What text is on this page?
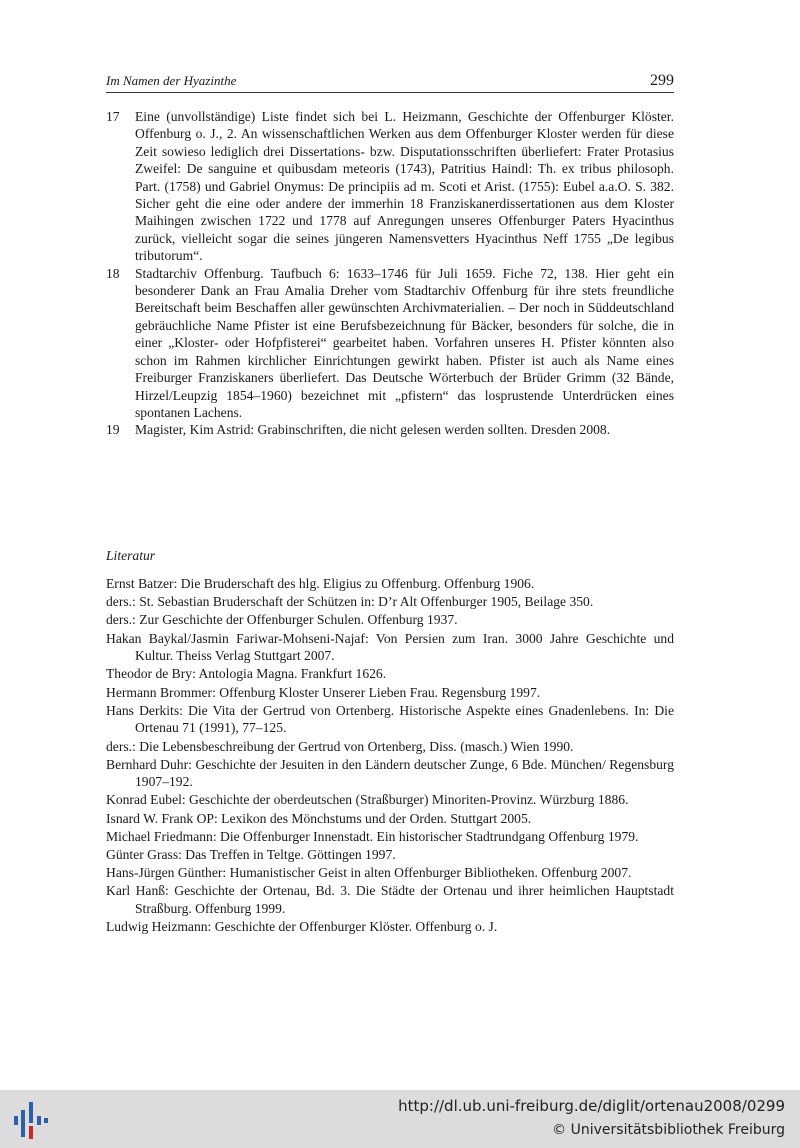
Im Namen der Hyazinthe	299
17 Eine (unvollständige) Liste findet sich bei L. Heizmann, Geschichte der Offenburger Klöster. Offenburg o. J., 2. An wissenschaftlichen Werken aus dem Offenburger Kloster werden für diese Zeit sowieso lediglich drei Dissertations- bzw. Disputationsschriften überliefert: Frater Protasius Zweifel: De sanguine et quibusdam meteoris (1743), Patritius Haindl: Th. ex tribus philosoph. Part. (1758) und Gabriel Onymus: De principiis ad m. Scoti et Arist. (1755): Eubel a.a.O. S. 382. Sicher geht die eine oder andere der immerhin 18 Franziskanerdissertationen aus dem Kloster Maihingen zwischen 1722 und 1778 auf Anregungen unseres Offenburger Paters Hyacinthus zurück, vielleicht sogar die seines jüngeren Namensvetters Hyacinthus Neff 1755 „De legibus tributorum“.
18 Stadtarchiv Offenburg. Taufbuch 6: 1633–1746 für Juli 1659. Fiche 72, 138. Hier geht ein besonderer Dank an Frau Amalia Dreher vom Stadtarchiv Offenburg für ihre stets freundliche Bereitschaft beim Beschaffen aller gewünschten Archivmaterialien. – Der noch in Süddeutschland gebräuchliche Name Pfister ist eine Berufsbezeichnung für Bäcker, besonders für solche, die in einer „Kloster- oder Hofpfisterei“ gearbeitet haben. Vorfahren unseres H. Pfister könnten also schon im Rahmen kirchlicher Einrichtungen gewirkt haben. Pfister ist auch als Name eines Freiburger Franziskaners überliefert. Das Deutsche Wörterbuch der Brüder Grimm (32 Bände, Hirzel/Leupzig 1854–1960) bezeichnet mit „pfistern“ das losprustende Unterdrücken eines spontanen Lachens.
19 Magister, Kim Astrid: Grabinschriften, die nicht gelesen werden sollten. Dresden 2008.
Literatur
Ernst Batzer: Die Bruderschaft des hlg. Eligius zu Offenburg. Offenburg 1906.
ders.: St. Sebastian Bruderschaft der Schützen in: D’r Alt Offenburger 1905, Beilage 350.
ders.: Zur Geschichte der Offenburger Schulen. Offenburg 1937.
Hakan Baykal/Jasmin Fariwar-Mohseni-Najaf: Von Persien zum Iran. 3000 Jahre Geschichte und Kultur. Theiss Verlag Stuttgart 2007.
Theodor de Bry: Antologia Magna. Frankfurt 1626.
Hermann Brommer: Offenburg Kloster Unserer Lieben Frau. Regensburg 1997.
Hans Derkits: Die Vita der Gertrud von Ortenberg. Historische Aspekte eines Gnadenlebens. In: Die Ortenau 71 (1991), 77–125.
ders.: Die Lebensbeschreibung der Gertrud von Ortenberg, Diss. (masch.) Wien 1990.
Bernhard Duhr: Geschichte der Jesuiten in den Ländern deutscher Zunge, 6 Bde. München/ Regensburg 1907–192.
Konrad Eubel: Geschichte der oberdeutschen (Straßburger) Minoriten-Provinz. Würzburg 1886.
Isnard W. Frank OP: Lexikon des Mönchstums und der Orden. Stuttgart 2005.
Michael Friedmann: Die Offenburger Innenstadt. Ein historischer Stadtrundgang Offenburg 1979.
Günter Grass: Das Treffen in Teltge. Göttingen 1997.
Hans-Jürgen Günther: Humanistischer Geist in alten Offenburger Bibliotheken. Offenburg 2007.
Karl Hanß: Geschichte der Ortenau, Bd. 3. Die Städte der Ortenau und ihrer heimlichen Hauptstadt Straßburg. Offenburg 1999.
Ludwig Heizmann: Geschichte der Offenburger Klöster. Offenburg o. J.
http://dl.ub.uni-freiburg.de/diglit/ortenau2008/0299
© Universitätsbibliothek Freiburg
